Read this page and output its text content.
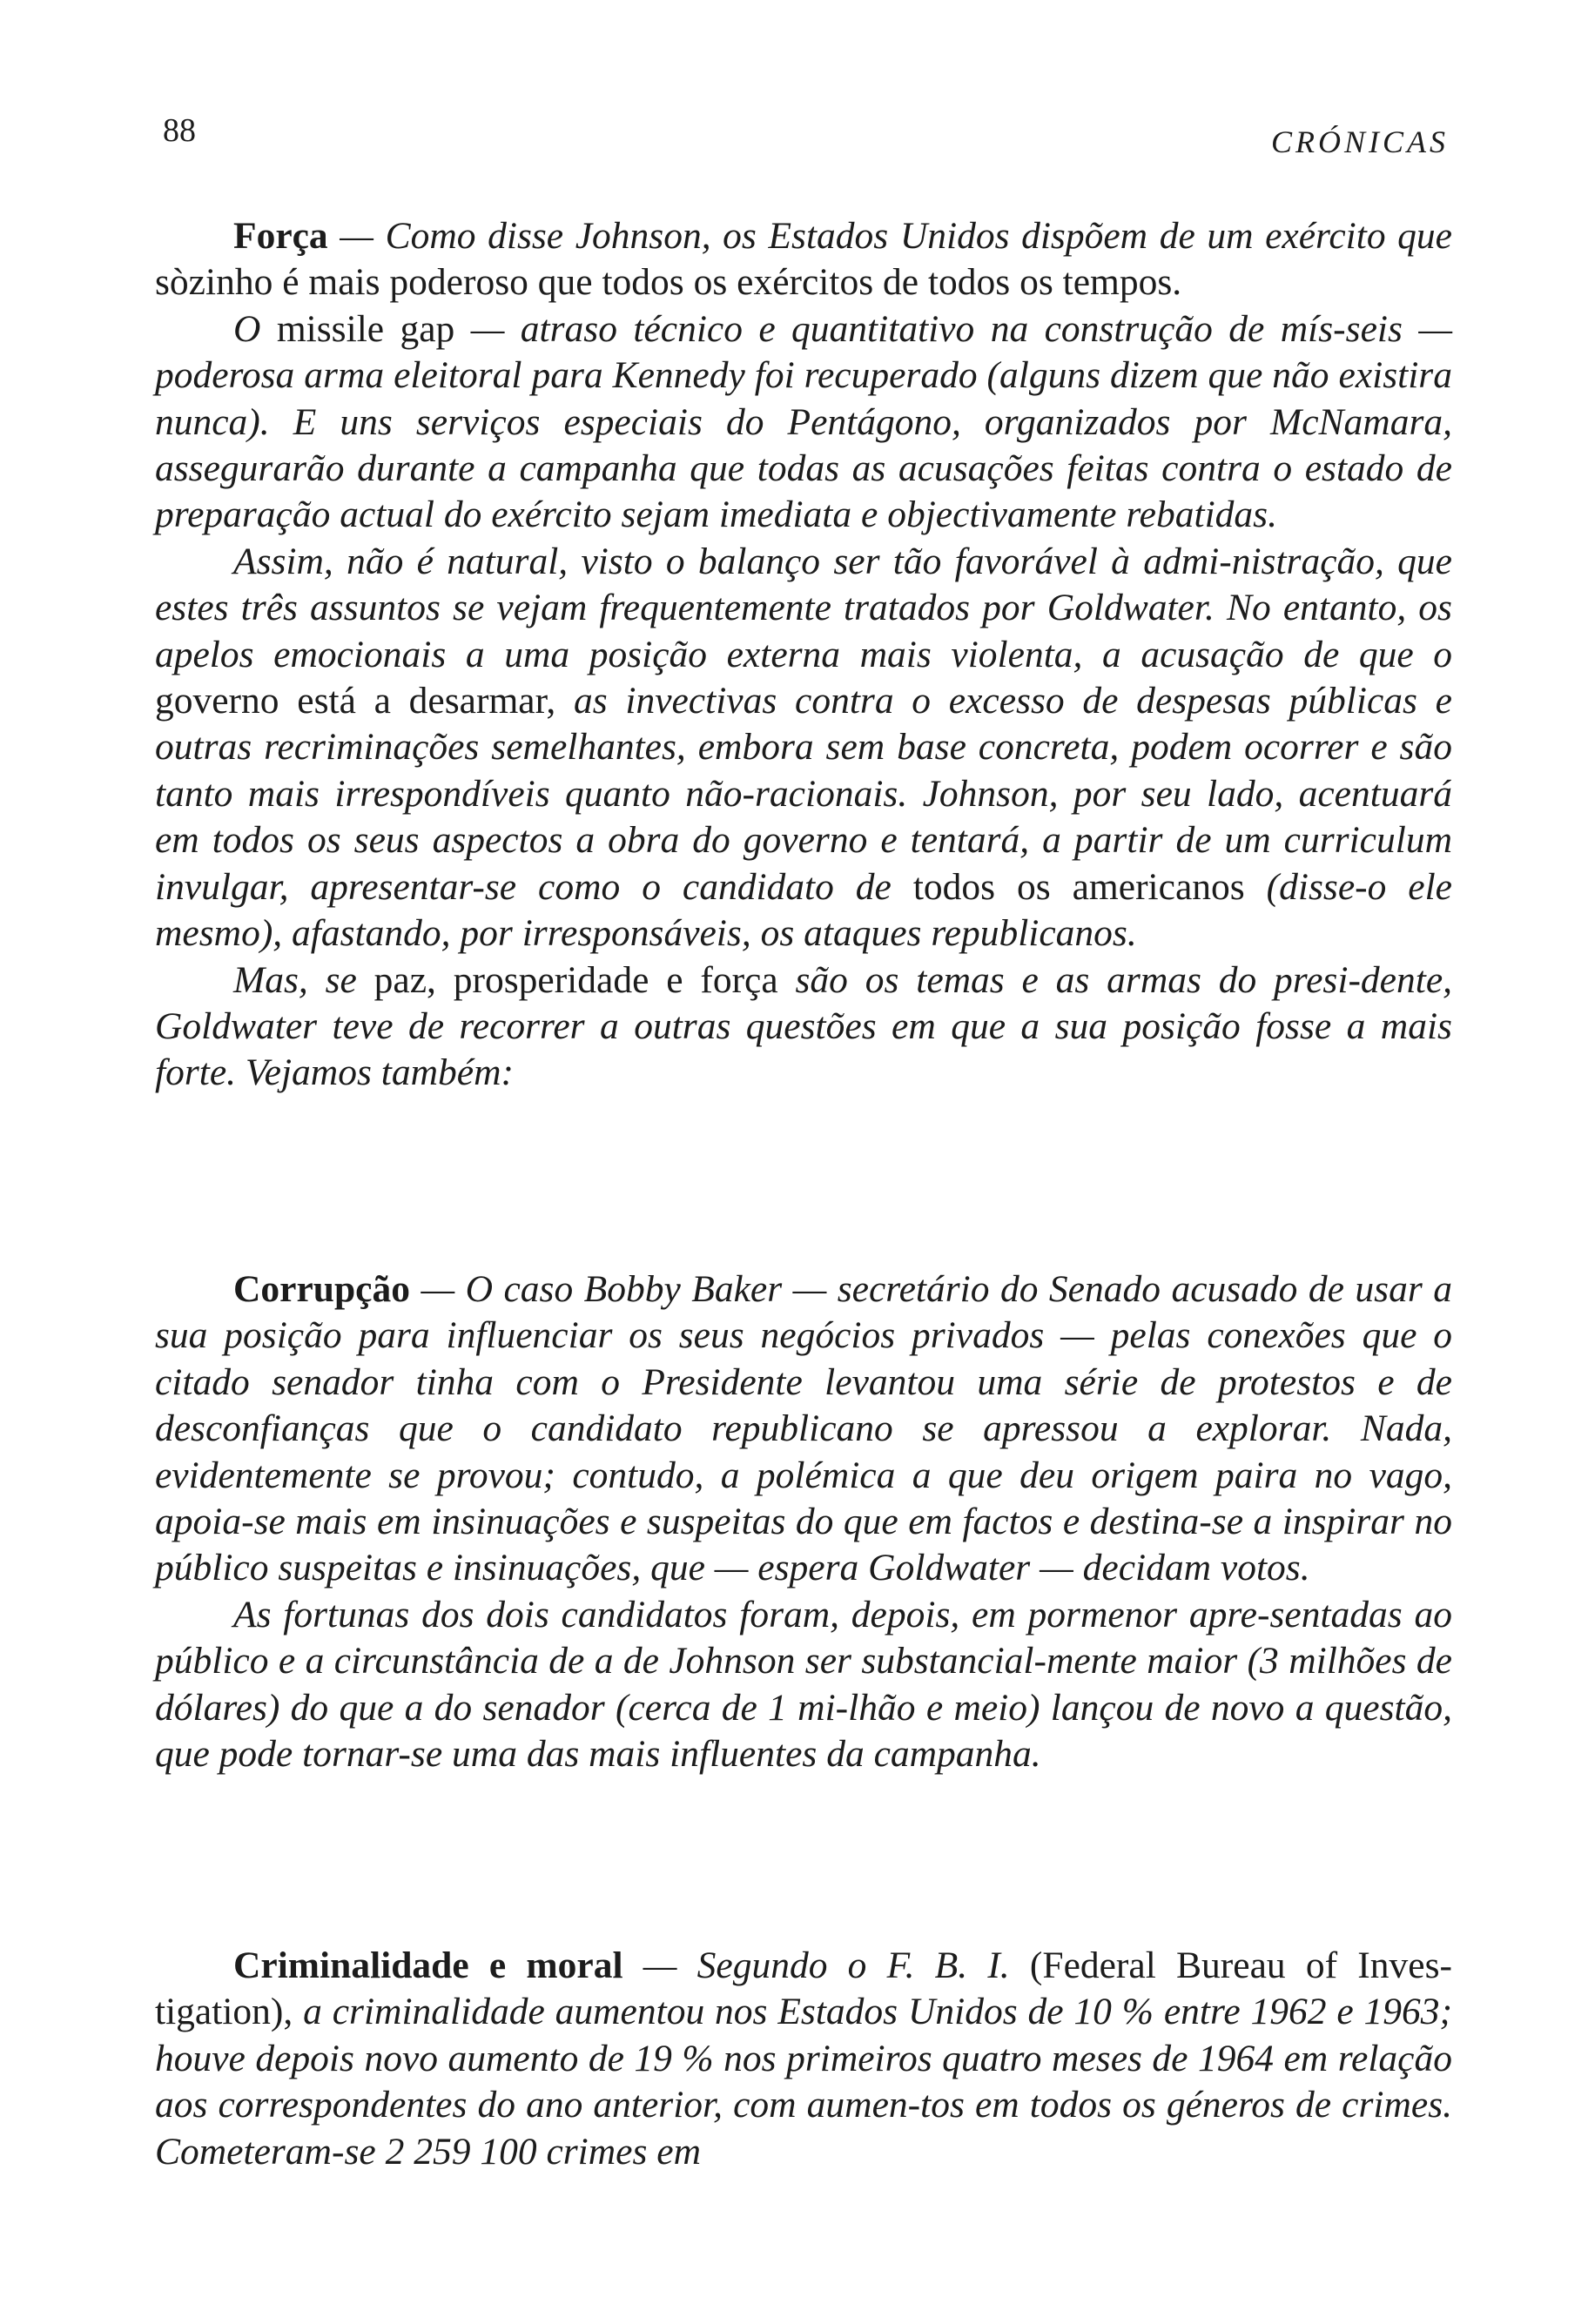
88	CRÓNICAS

Força — Como disse Johnson, os Estados Unidos dispõem de um exército que sòzinho é mais poderoso que todos os exércitos de todos os tempos.

O missile gap — atraso técnico e quantitativo na construção de mís-seis — poderosa arma eleitoral para Kennedy foi recuperado (alguns dizem que não existira nunca). E uns serviços especiais do Pentágono, organizados por McNamara, assegurarão durante a campanha que todas as acusações feitas contra o estado de preparação actual do exército sejam imediata e objectivamente rebatidas.

Assim, não é natural, visto o balanço ser tão favorável à admi-nistração, que estes três assuntos se vejam frequentemente tratados por Goldwater. No entanto, os apelos emocionais a uma posição externa mais violenta, a acusação de que o governo está a desarmar, as invectivas contra o excesso de despesas públicas e outras recriminações semelhantes, embora sem base concreta, podem ocorrer e são tanto mais irrespondíveis quanto não-racionais. Johnson, por seu lado, acentuará em todos os seus aspectos a obra do governo e tentará, a partir de um curriculum invulgar, apresentar-se como o candidato de todos os americanos (disse-o ele mesmo), afastando, por irresponsáveis, os ataques republicanos.

Mas, se paz, prosperidade e força são os temas e as armas do presi-dente, Goldwater teve de recorrer a outras questões em que a sua posição fosse a mais forte. Vejamos também:

Corrupção — O caso Bobby Baker — secretário do Senado acusado de usar a sua posição para influenciar os seus negócios privados — pelas conexões que o citado senador tinha com o Presidente levantou uma série de protestos e de desconfianças que o candidato republicano se apressou a explorar. Nada, evidentemente se provou; contudo, a polémica a que deu origem paira no vago, apoia-se mais em insinuações e suspeitas do que em factos e destina-se a inspirar no público suspeitas e insinuações, que — espera Goldwater — decidam votos.

As fortunas dos dois candidatos foram, depois, em pormenor apre-sentadas ao público e a circunstância de a de Johnson ser substancial-mente maior (3 milhões de dólares) do que a do senador (cerca de 1 mi-lhão e meio) lançou de novo a questão, que pode tornar-se uma das mais influentes da campanha.

Criminalidade e moral — Segundo o F. B. I. (Federal Bureau of Inves-tigation), a criminalidade aumentou nos Estados Unidos de 10 % entre 1962 e 1963; houve depois novo aumento de 19 % nos primeiros quatro meses de 1964 em relação aos correspondentes do ano anterior, com aumen-tos em todos os géneros de crimes. Cometeram-se 2 259 100 crimes em
